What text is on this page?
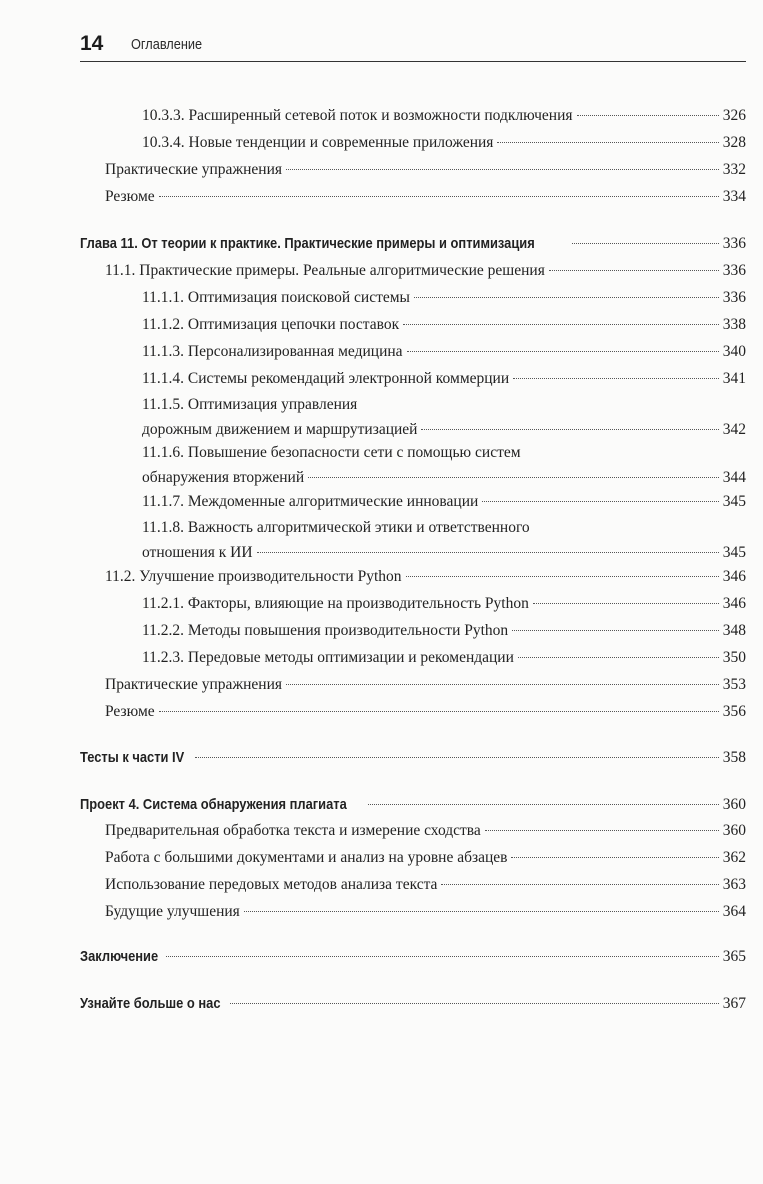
14 Оглавление
10.3.3. Расширенный сетевой поток и возможности подключения	326
10.3.4. Новые тенденции и современные приложения	328
Практические упражнения	332
Резюме	334
Глава 11. От теории к практике. Практические примеры и оптимизация	336
11.1. Практические примеры. Реальные алгоритмические решения	336
11.1.1. Оптимизация поисковой системы	336
11.1.2. Оптимизация цепочки поставок	338
11.1.3. Персонализированная медицина	340
11.1.4. Системы рекомендаций электронной коммерции	341
11.1.5. Оптимизация управления
дорожным движением и маршрутизацией	342
11.1.6. Повышение безопасности сети с помощью систем
обнаружения вторжений	344
11.1.7. Междоменные алгоритмические инновации	345
11.1.8. Важность алгоритмической этики и ответственного
отношения к ИИ	345
11.2. Улучшение производительности Python	346
11.2.1. Факторы, влияющие на производительность Python	346
11.2.2. Методы повышения производительности Python	348
11.2.3. Передовые методы оптимизации и рекомендации	350
Практические упражнения	353
Резюме	356
Тесты к части IV	358
Проект 4. Система обнаружения плагиата	360
Предварительная обработка текста и измерение сходства	360
Работа с большими документами и анализ на уровне абзацев	362
Использование передовых методов анализа текста	363
Будущие улучшения	364
Заключение	365
Узнайте больше о нас	367
